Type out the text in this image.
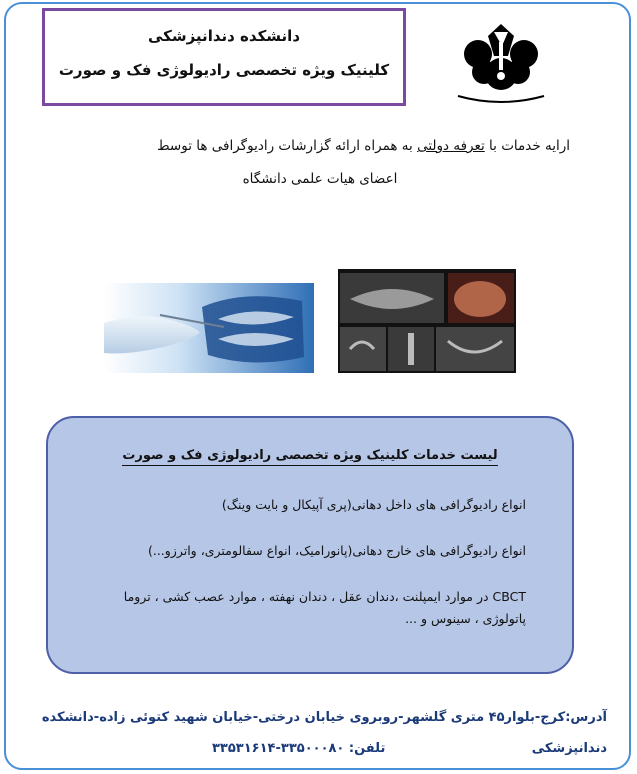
دانشکده دندانپزشکی
کلینیک ویژه تخصصی رادیولوژی فک و صورت
ارایه خدمات با تعرفه دولتی به همراه ارائه گزارشات رادیوگرافی ها توسط
اعضای هیات علمی دانشگاه
لیست خدمات کلینیک ویژه تخصصی رادیولوژی فک و صورت
انواع رادیوگرافی های داخل دهانی(پری آپیکال و بایت وینگ)
انواع رادیوگرافی های خارج دهانی(پانورامیک، انواع سفالومتری، واترزو...)
CBCT در موارد ایمپلنت ،دندان عقل ، دندان نهفته ، موارد عصب کشی ، تروما پاتولوژی ، سینوس و ...
آدرس:کرج-بلوار۴۵ متری گلشهر-روبروی خیابان درختی-خیابان شهید کتوئی زاده-دانشکده
دندانپزشکی
تلفن: ۳۳۵۰۰۰۸۰-۳۳۵۳۱۶۱۴
